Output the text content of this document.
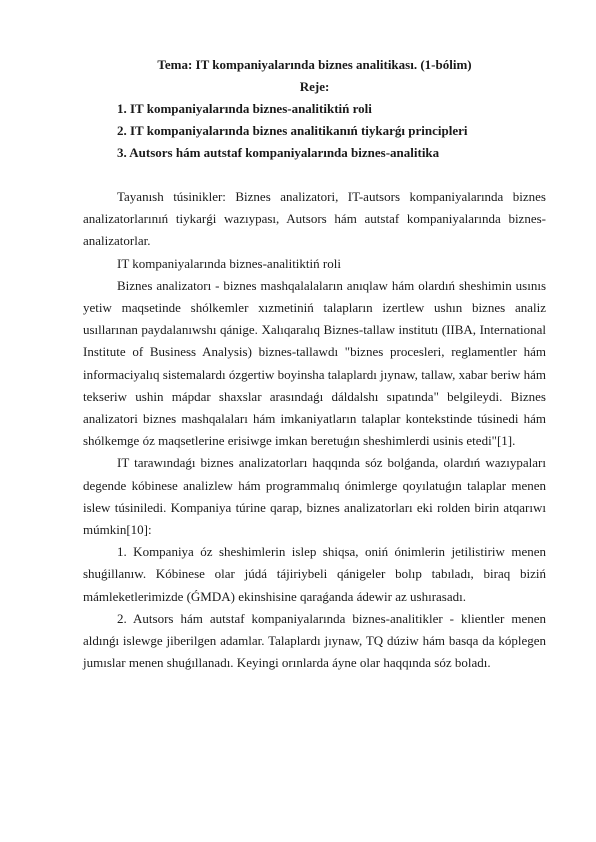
Tema: IT kompaniyalarında biznes analitikası. (1-bólim)

Reje:

1. IT kompaniyalarında biznes-analitiktiń roli
2. IT kompaniyalarında biznes analitikanıń tiykarǵı principleri
3. Autsors hám autstaf kompaniyalarında biznes-analitika

Tayanısh túsinikler: Biznes analizatori, IT-autsors kompaniyalarında biznes analizatorlarınıń tiykarǵi wazıypası, Autsors hám autstaf kompaniyalarında biznes-analizatorlar.

IT kompaniyalarında biznes-analitiktiń roli

Biznes analizatorı - biznes mashqalalaların anıqlaw hám olardıń sheshimin usınıs yetiw maqsetinde shólkemler xızmetiniń talapların izertlew ushın biznes analiz usıllarınan paydalanıwshı qánige. Xalıqaralıq Biznes-tallaw institutı (IIBA, International Institute of Business Analysis) biznes-tallawdı "biznes procesleri, reglamentler hám informaciyalıq sistemalardı ózgertiw boyinsha talaplardı jıynaw, tallaw, xabar beriw hám tekseriw ushin mápdar shaxslar arasındaǵı dáldalshı sıpatında" belgileydi. Biznes analizatori biznes mashqalaları hám imkaniyatların talaplar kontekstinde túsinedi hám shólkemge óz maqsetlerine erisiwge imkan beretuǵın sheshimlerdi usinis etedi"[1].

IT tarawındaǵı biznes analizatorları haqqında sóz bolǵanda, olardıń wazıypaları degende kóbinese analizlew hám programmalıq ónimlerge qoyılatuǵın talaplar menen islew túsiniledi. Kompaniya túrine qarap, biznes analizatorları eki rolden birin atqarıwı múmkin[10]:

1. Kompaniya óz sheshimlerin islep shiqsa, oniń ónimlerin jetilistiriw menen shuǵillanıw. Kóbinese olar júdá tájiriybeli qánigeler bolıp tabıladı, biraq biziń mámleketlerimizde (ǴMDA) ekinshisine qaraǵanda ádewir az ushırasadı.

2. Autsors hám autstaf kompaniyalarında biznes-analitikler - klientler menen aldınǵı islewge jiberilgen adamlar. Talaplardı jıynaw, TQ dúziw hám basqa da kóplegen jumıslar menen shuǵıllanadı. Keyingi orınlarda áyne olar haqqında sóz boladı.
